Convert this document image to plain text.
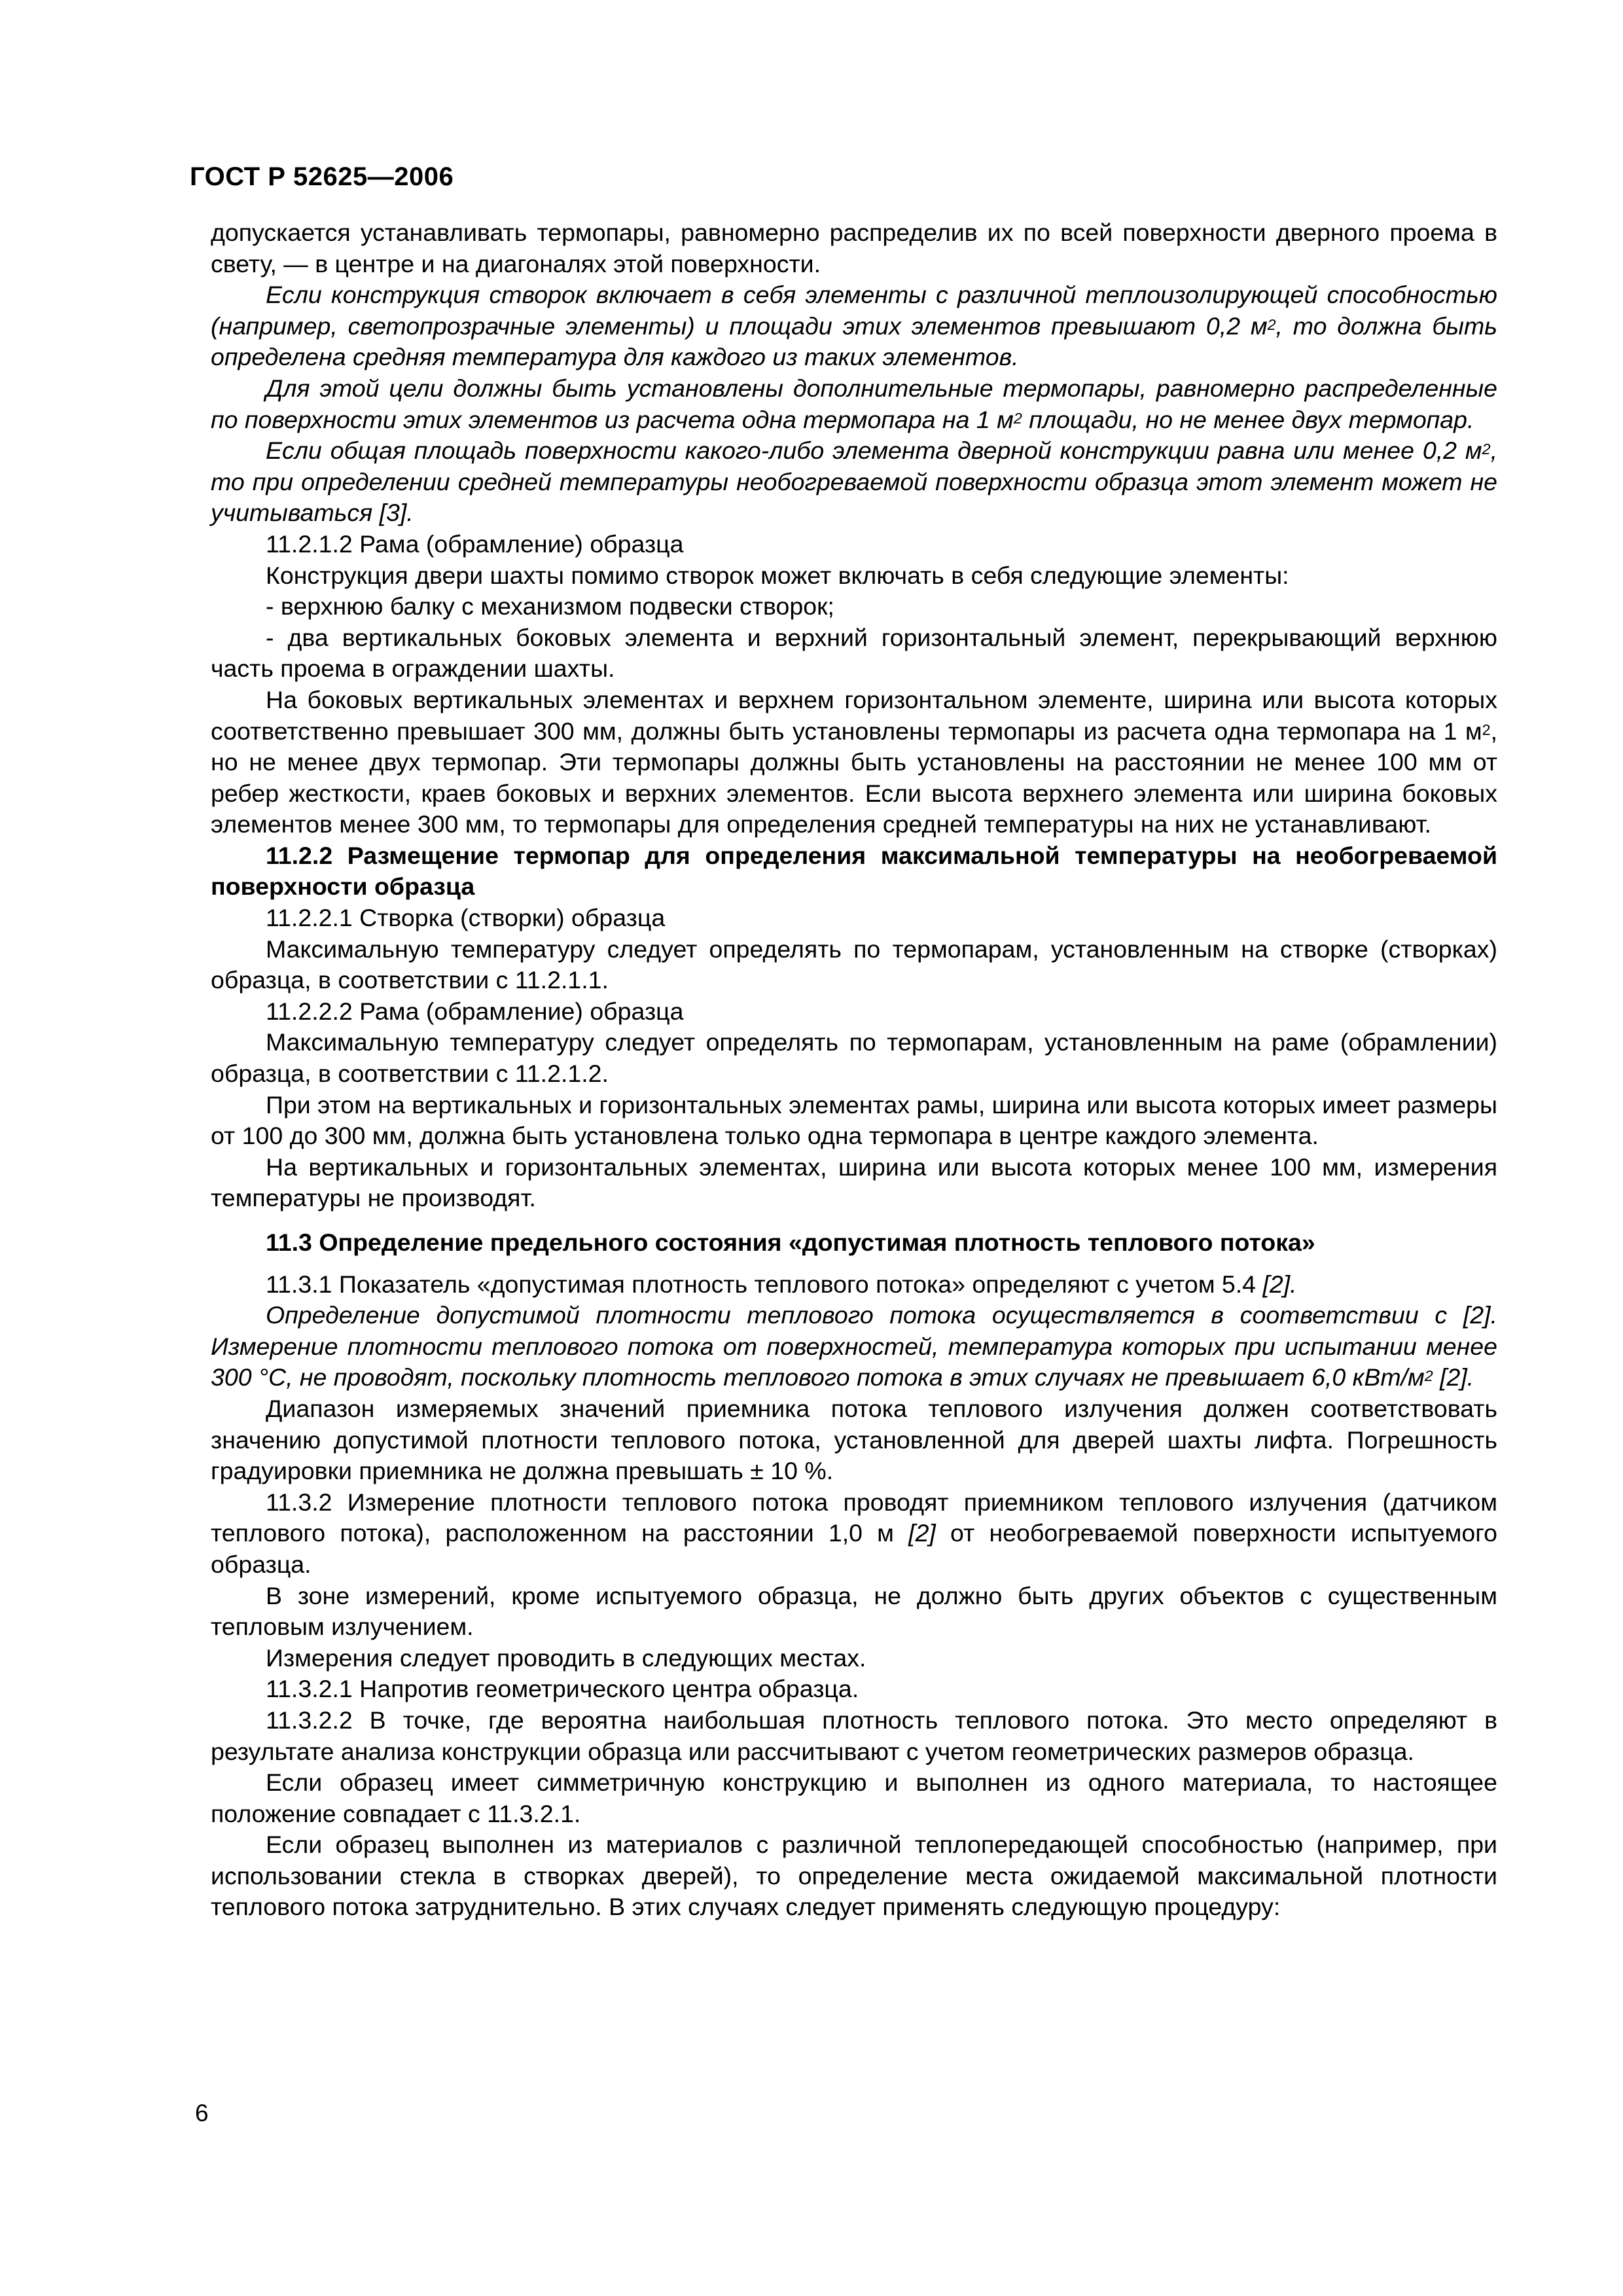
ГОСТ Р 52625—2006

допускается устанавливать термопары, равномерно распределив их по всей поверхности дверного проема в свету, — в центре и на диагоналях этой поверхности.

Если конструкция створок включает в себя элементы с различной теплоизолирующей способностью (например, светопрозрачные элементы) и площади этих элементов превышают 0,2 $м^2$, то должна быть определена средняя температура для каждого из таких элементов.

Для этой цели должны быть установлены дополнительные термопары, равномерно распределенные по поверхности этих элементов из расчета одна термопара на 1 $м^2$ площади, но не менее двух термопар.

Если общая площадь поверхности какого-либо элемента дверной конструкции равна или менее 0,2 $м^2$, то при определении средней температуры необогреваемой поверхности образца этот элемент может не учитываться [3].

11.2.1.2 Рама (обрамление) образца

Конструкция двери шахты помимо створок может включать в себя следующие элементы:

- верхнюю балку с механизмом подвески створок;

- два вертикальных боковых элемента и верхний горизонтальный элемент, перекрывающий верхнюю часть проема в ограждении шахты.

На боковых вертикальных элементах и верхнем горизонтальном элементе, ширина или высота которых соответственно превышает 300 мм, должны быть установлены термопары из расчета одна термопара на 1 $м^2$, но не менее двух термопар. Эти термопары должны быть установлены на расстоянии не менее 100 мм от ребер жесткости, краев боковых и верхних элементов. Если высота верхнего элемента или ширина боковых элементов менее 300 мм, то термопары для определения средней температуры на них не устанавливают.

11.2.2 Размещение термопар для определения максимальной температуры на необогреваемой поверхности образца

11.2.2.1 Створка (створки) образца

Максимальную температуру следует определять по термопарам, установленным на створке (створках) образца, в соответствии с 11.2.1.1.

11.2.2.2 Рама (обрамление) образца

Максимальную температуру следует определять по термопарам, установленным на раме (обрамлении) образца, в соответствии с 11.2.1.2.

При этом на вертикальных и горизонтальных элементах рамы, ширина или высота которых имеет размеры от 100 до 300 мм, должна быть установлена только одна термопара в центре каждого элемента.

На вертикальных и горизонтальных элементах, ширина или высота которых менее 100 мм, измерения температуры не производят.

11.3 Определение предельного состояния «допустимая плотность теплового потока»

11.3.1 Показатель «допустимая плотность теплового потока» определяют с учетом 5.4 [2].

Определение допустимой плотности теплового потока осуществляется в соответствии с [2]. Измерение плотности теплового потока от поверхностей, температура которых при испытании менее 300 °С, не проводят, поскольку плотность теплового потока в этих случаях не превышает 6,0 кВт/$м^2$ [2].

Диапазон измеряемых значений приемника потока теплового излучения должен соответствовать значению допустимой плотности теплового потока, установленной для дверей шахты лифта. Погрешность градуировки приемника не должна превышать ± 10 %.

11.3.2 Измерение плотности теплового потока проводят приемником теплового излучения (датчиком теплового потока), расположенном на расстоянии 1,0 м [2] от необогреваемой поверхности испытуемого образца.

В зоне измерений, кроме испытуемого образца, не должно быть других объектов с существенным тепловым излучением.

Измерения следует проводить в следующих местах.

11.3.2.1 Напротив геометрического центра образца.

11.3.2.2 В точке, где вероятна наибольшая плотность теплового потока. Это место определяют в результате анализа конструкции образца или рассчитывают с учетом геометрических размеров образца.

Если образец имеет симметричную конструкцию и выполнен из одного материала, то настоящее положение совпадает с 11.3.2.1.

Если образец выполнен из материалов с различной теплопередающей способностью (например, при использовании стекла в створках дверей), то определение места ожидаемой максимальной плотности теплового потока затруднительно. В этих случаях следует применять следующую процедуру:

6
